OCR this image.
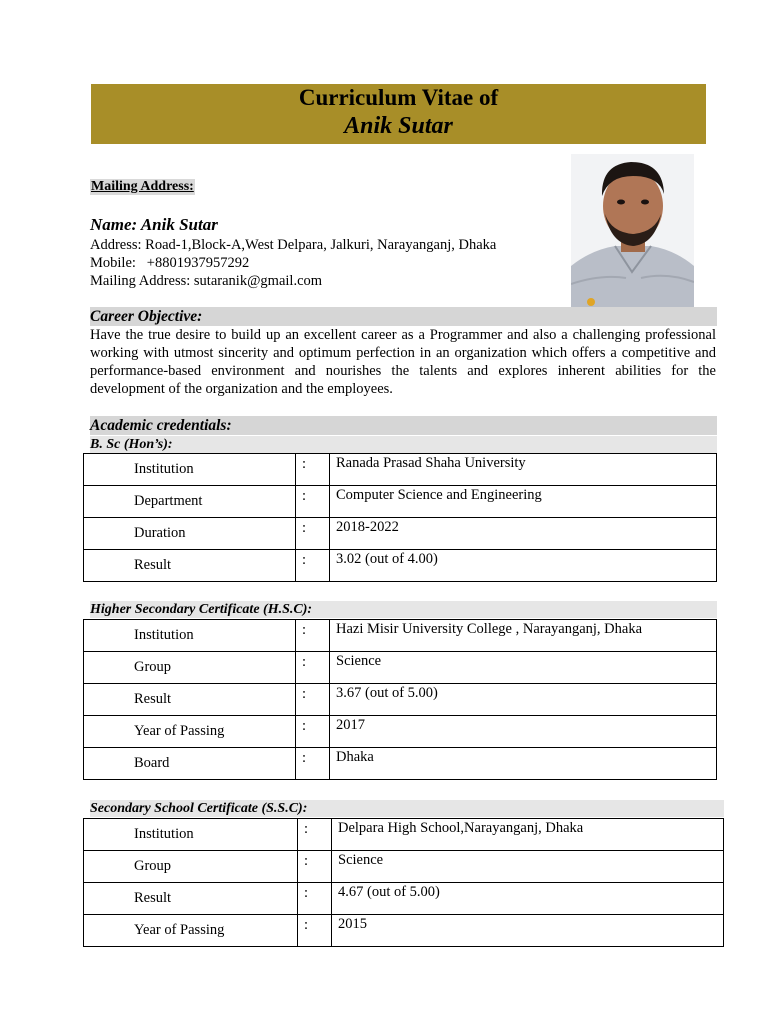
Curriculum Vitae of
Anik Sutar
Mailing Address:
Name: Anik Sutar
Address: Road-1,Block-A,West Delpara, Jalkuri, Narayanganj, Dhaka
Mobile:   +8801937957292
Mailing Address: sutaranik@gmail.com
Career Objective:
Have the true desire to build up an excellent career as a Programmer and also a challenging professional working with utmost sincerity and optimum perfection in an organization which offers a competitive and performance-based environment and nourishes the talents and explores inherent abilities for the development of the organization and the employees.
Academic credentials:
B. Sc (Hon’s):
Institution	:	Ranada Prasad Shaha University
Department	:	Computer Science and Engineering
Duration	:	2018-2022
Result	:	3.02 (out of 4.00)
Higher Secondary Certificate (H.S.C):
Institution	:	Hazi Misir University College , Narayanganj, Dhaka
Group	:	Science
Result	:	3.67 (out of 5.00)
Year of Passing	:	2017
Board	:	Dhaka
Secondary School Certificate (S.S.C):
Institution	:	Delpara High School,Narayanganj, Dhaka
Group	:	Science
Result	:	4.67 (out of 5.00)
Year of Passing	:	2015
